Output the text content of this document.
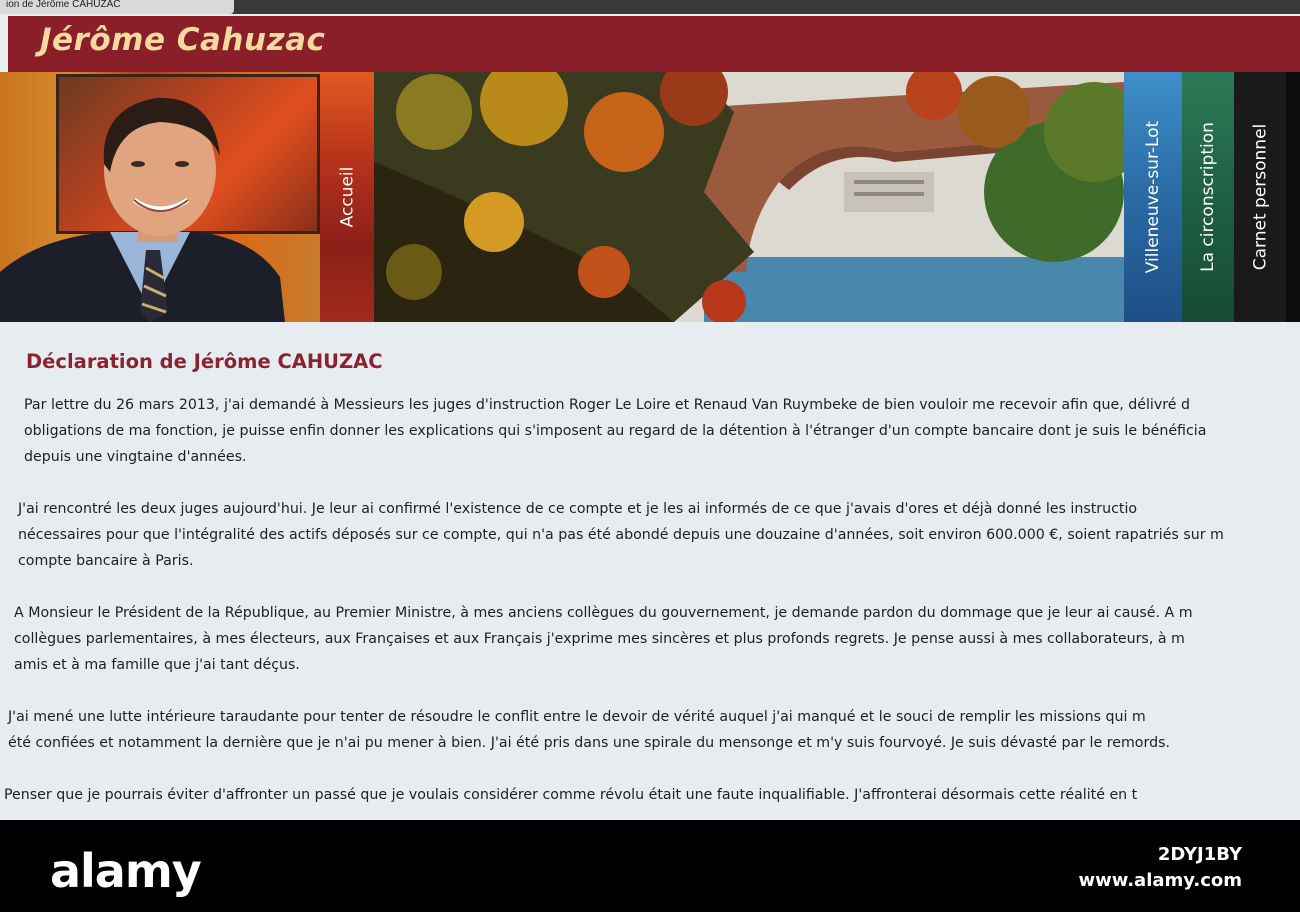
ion de Jérôme CAHUZAC
Jérôme Cahuzac
Accueil	Villeneuve-sur-Lot La circonscription Carnet personnel
Déclaration de Jérôme CAHUZAC
Par lettre du 26 mars 2013, j'ai demandé à Messieurs les juges d'instruction Roger Le Loire et Renaud Van Ruymbeke de bien vouloir me recevoir afin que, délivré d
obligations de ma fonction, je puisse enfin donner les explications qui s'imposent au regard de la détention à l'étranger d'un compte bancaire dont je suis le bénéficia
depuis une vingtaine d'années.
J'ai rencontré les deux juges aujourd'hui. Je leur ai confirmé l'existence de ce compte et je les ai informés de ce que j'avais d'ores et déjà donné les instructio
nécessaires pour que l'intégralité des actifs déposés sur ce compte, qui n'a pas été abondé depuis une douzaine d'années, soit environ 600.000 €, soient rapatriés sur m
compte bancaire à Paris.
A Monsieur le Président de la République, au Premier Ministre, à mes anciens collègues du gouvernement, je demande pardon du dommage que je leur ai causé. A m
collègues parlementaires, à mes électeurs, aux Françaises et aux Français j'exprime mes sincères et plus profonds regrets. Je pense aussi à mes collaborateurs, à m
amis et à ma famille que j'ai tant déçus.
J'ai mené une lutte intérieure taraudante pour tenter de résoudre le conflit entre le devoir de vérité auquel j'ai manqué et le souci de remplir les missions qui m
été confiées et notamment la dernière que je n'ai pu mener à bien. J'ai été pris dans une spirale du mensonge et m'y suis fourvoyé. Je suis dévasté par le remords.
Penser que je pourrais éviter d'affronter un passé que je voulais considérer comme révolu était une faute inqualifiable. J'affronterai désormais cette réalité en t
alamy	2DYJ1BY
www.alamy.com
